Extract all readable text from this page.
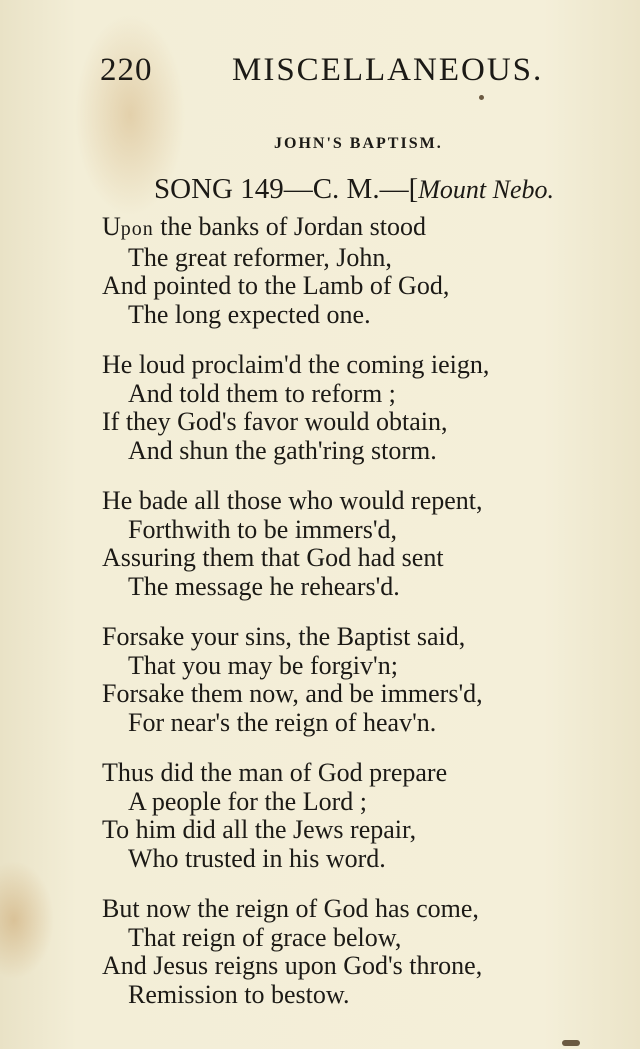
220 MISCELLANEOUS.
JOHN'S BAPTISM.
SONG 149—C. M.—[Mount Nebo.
Upon the banks of Jordan stood
The great reformer, John,
And pointed to the Lamb of God,
The long expected one.
He loud proclaim'd the coming ieign,
And told them to reform ;
If they God's favor would obtain,
And shun the gath'ring storm.
He bade all those who would repent,
Forthwith to be immers'd,
Assuring them that God had sent
The message he rehears'd.
Forsake your sins, the Baptist said,
That you may be forgiv'n;
Forsake them now, and be immers'd,
For near's the reign of heav'n.
Thus did the man of God prepare
A people for the Lord ;
To him did all the Jews repair,
Who trusted in his word.
But now the reign of God has come,
That reign of grace below,
And Jesus reigns upon God's throne,
Remission to bestow.
